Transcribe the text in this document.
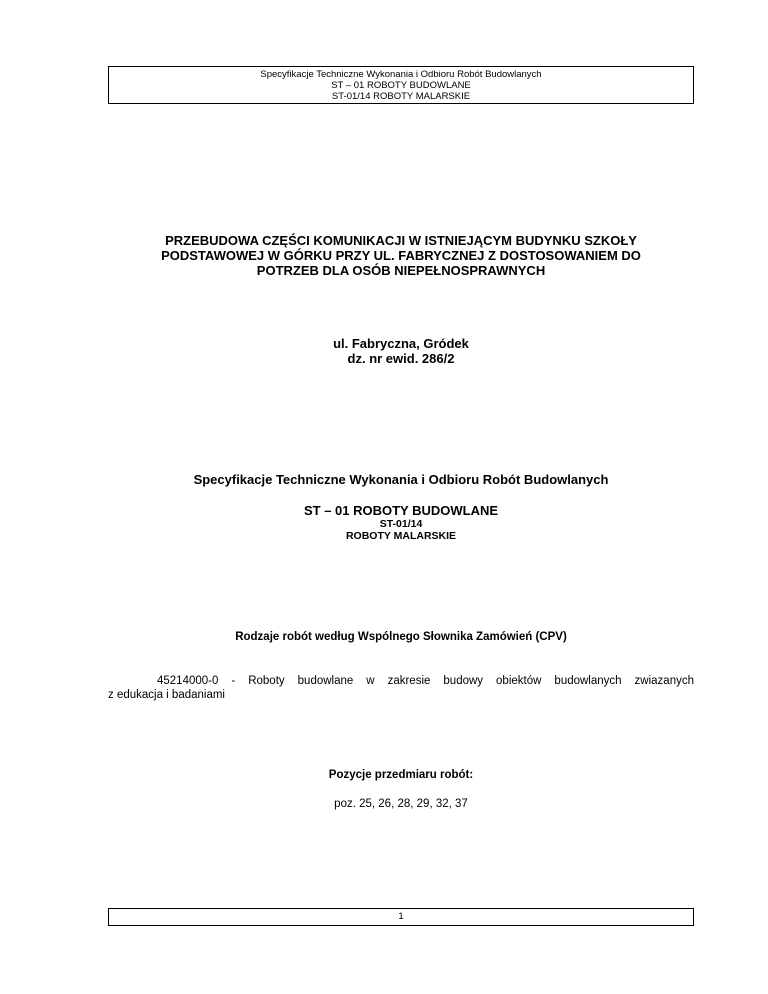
Specyfikacje Techniczne Wykonania i Odbioru Robót Budowlanych
ST – 01 ROBOTY BUDOWLANE
ST-01/14 ROBOTY MALARSKIE
PRZEBUDOWA CZĘŚCI KOMUNIKACJI W ISTNIEJĄCYM BUDYNKU SZKOŁY
PODSTAWOWEJ W GÓRKU PRZY UL. FABRYCZNEJ Z DOSTOSOWANIEM DO
POTRZEB DLA OSÓB NIEPEŁNOSPRAWNYCH
ul. Fabryczna, Gródek
dz. nr ewid. 286/2
Specyfikacje Techniczne Wykonania i Odbioru Robót Budowlanych
ST – 01 ROBOTY BUDOWLANE
ST-01/14
ROBOTY MALARSKIE
Rodzaje robót według Wspólnego Słownika Zamówień (CPV)
45214000-0 - Roboty budowlane w zakresie budowy obiektów budowlanych zwiazanych
z edukacja i badaniami
Pozycje przedmiaru robót:
poz. 25, 26, 28, 29, 32, 37
1
